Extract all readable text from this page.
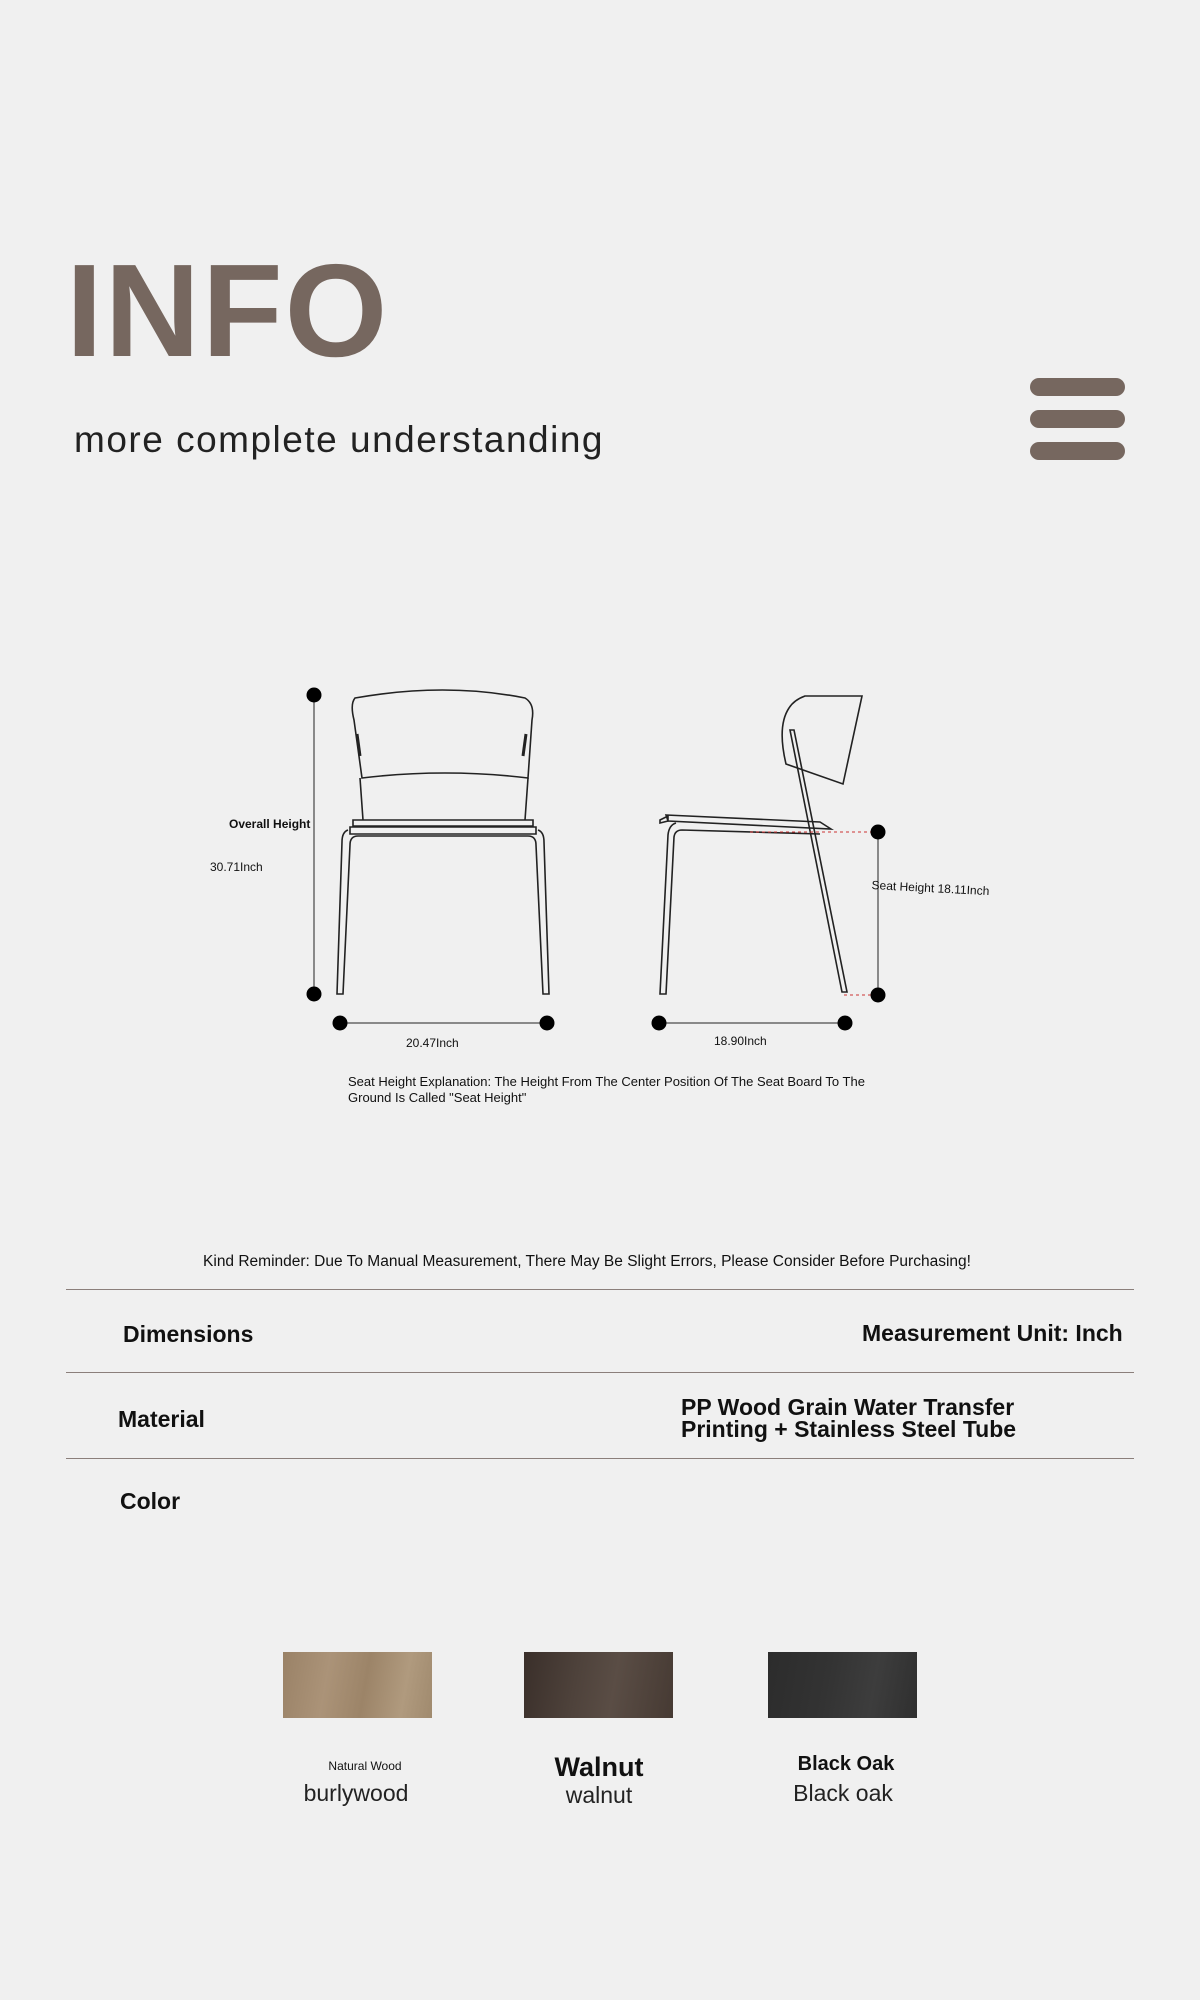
INFO
more complete understanding
Overall Height
30.71Inch
20.47Inch	18.90Inch
Seat Height 18.11Inch
Seat Height Explanation: The Height From The Center Position Of The Seat Board To The Ground Is Called "Seat Height"
Kind Reminder: Due To Manual Measurement, There May Be Slight Errors, Please Consider Before Purchasing!
Dimensions	Measurement Unit: Inch
Material	PP Wood Grain Water Transfer
Printing + Stainless Steel Tube
Color
Natural Wood
burlywood
Walnut
walnut
Black Oak
Black oak
